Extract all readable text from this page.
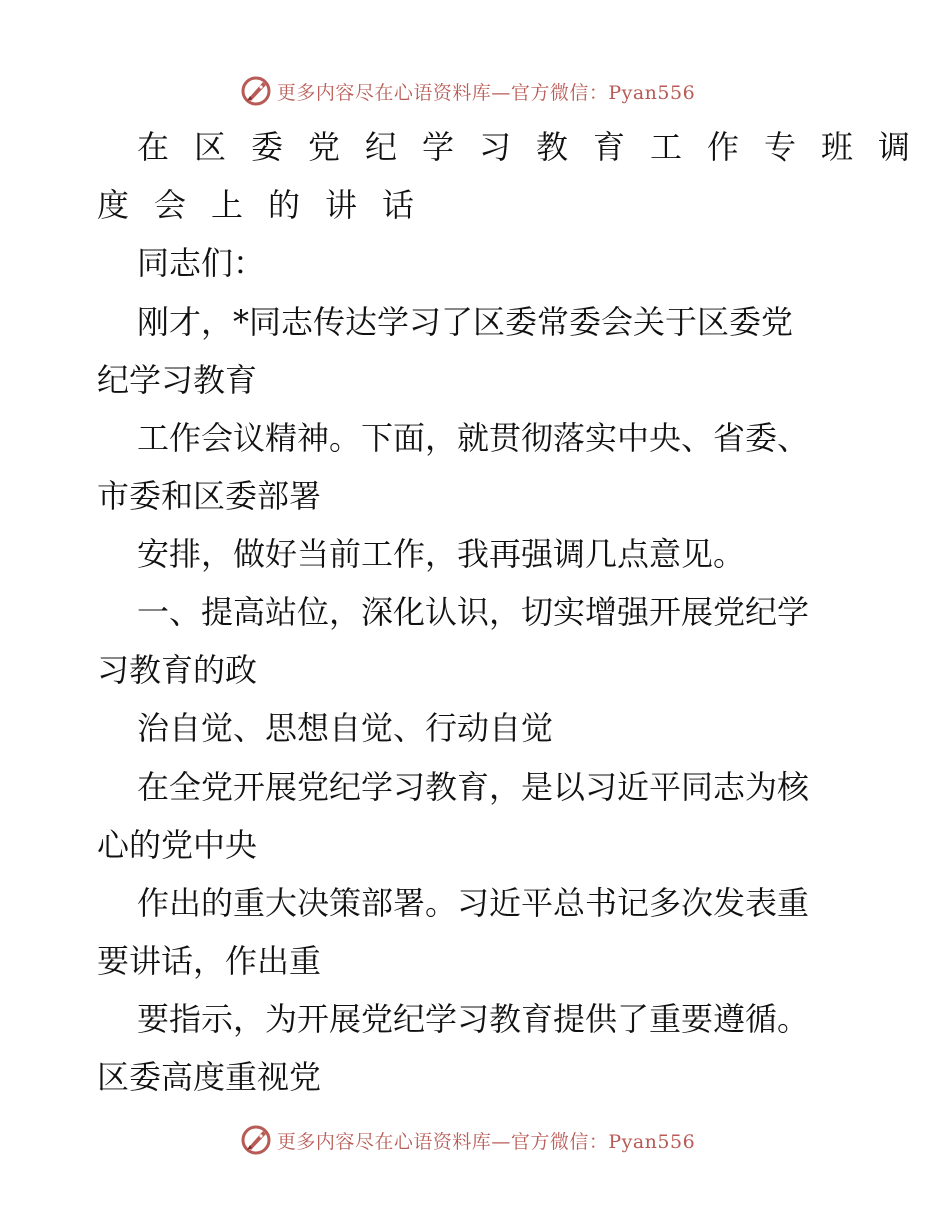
更多内容尽在心语资料库—官方微信：Pyan556
在区委党纪学习教育工作专班调
度会上的讲话
同志们：
刚才，*同志传达学习了区委常委会关于区委党
纪学习教育
工作会议精神。下面，就贯彻落实中央、省委、
市委和区委部署
安排，做好当前工作，我再强调几点意见。
一、提高站位，深化认识，切实增强开展党纪学
习教育的政
治自觉、思想自觉、行动自觉
在全党开展党纪学习教育，是以习近平同志为核
心的党中央
作出的重大决策部署。习近平总书记多次发表重
要讲话，作出重
要指示，为开展党纪学习教育提供了重要遵循。
区委高度重视党
更多内容尽在心语资料库—官方微信：Pyan556
